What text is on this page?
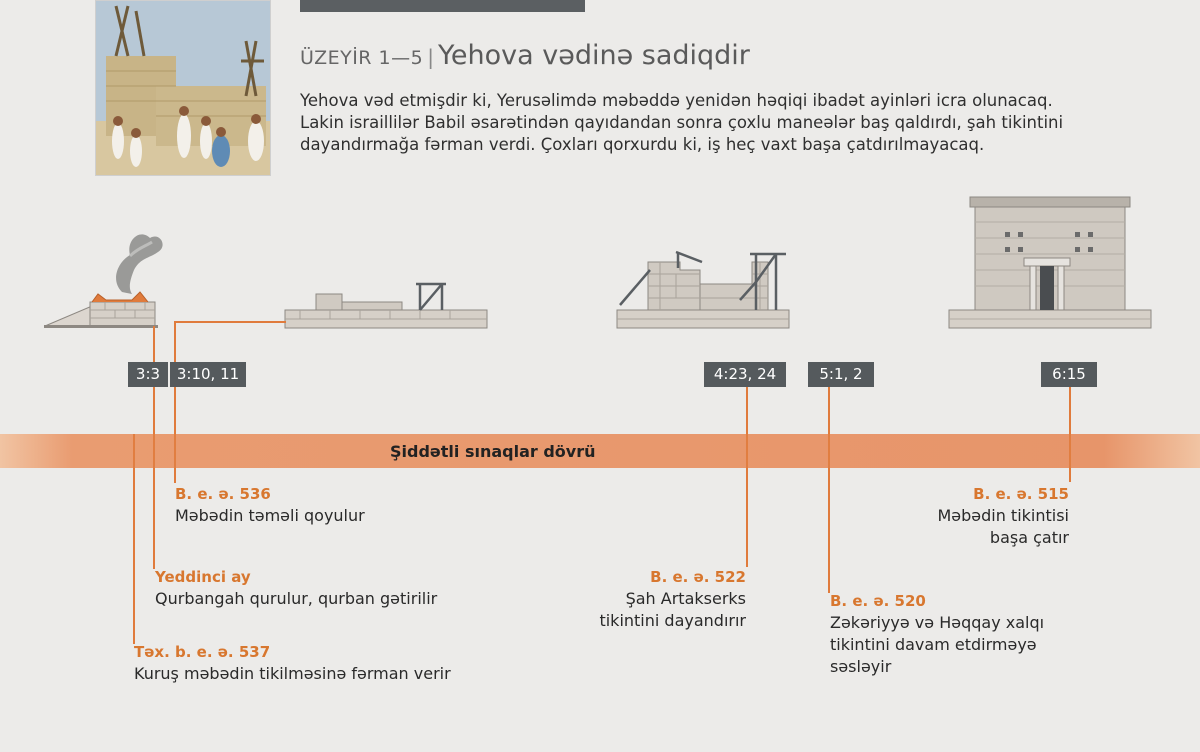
ÜZEYİR 1—5 | Yehova vədinə sadiqdir
Yehova vəd etmişdir ki, Yerusəlimdə məbəddə yenidən həqiqi ibadət ayinləri icra olunacaq.
Lakin israillilər Babil əsarətindən qayıdandan sonra çoxlu maneələr baş qaldırdı, şah tikintini
dayandırmağa fərman verdi. Çoxları qorxurdu ki, iş heç vaxt başa çatdırılmayacaq.
Şiddətli sınaqlar dövrü
3:3	3:10, 11	4:23, 24	5:1, 2	6:15
Təx. b. e. ə. 537
Kuruş məbədin tikilməsinə fərman verir
Yeddinci ay
Qurbangah qurulur, qurban gətirilir
B. e. ə. 536
Məbədin təməli qoyulur
B. e. ə. 522
Şah Artakserks
tikintini dayandırır
B. e. ə. 520
Zəkəriyyə və Həqqay xalqı
tikintini davam etdirməyə
səsləyir
B. e. ə. 515
Məbədin tikintisi
başa çatır
